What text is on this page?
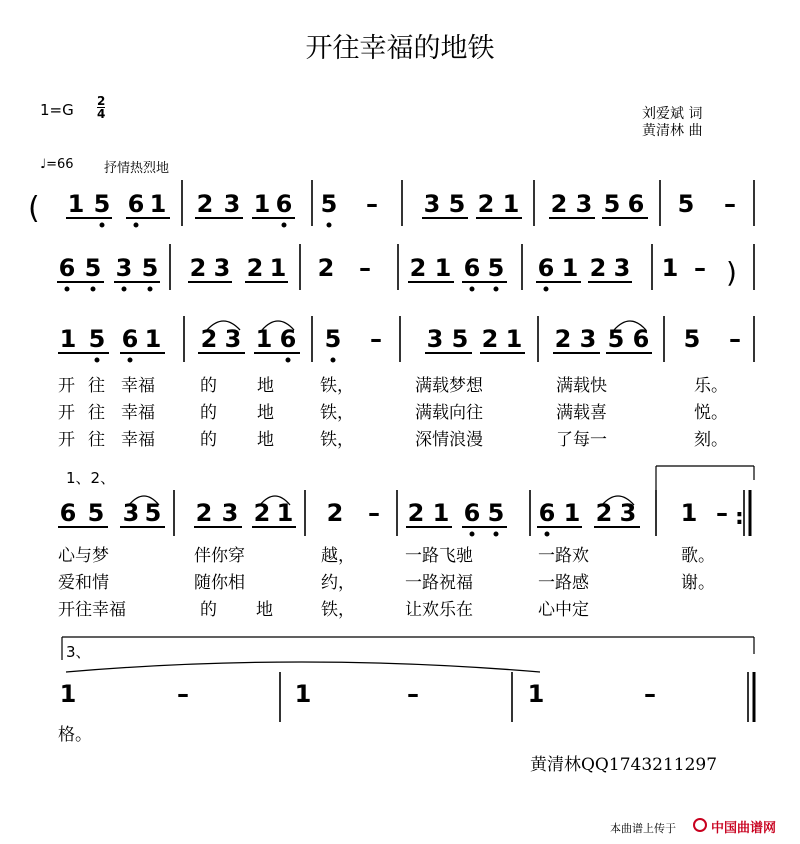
开往幸福的地铁
1=G 2
4	刘爱斌 词
黄清林 曲
♩=66 抒情热烈地
1 5 6 1 2 3 1 6 5 – 3 5 2 1 2 3 5 6 5 –
(
6 5 3 5 2 3 2 1 2 – 2 1 6 5 6 1 2 3 1 – )
1 5 6 1 2 3 1 6 5 – 3 5 2 1 2 3 5 6 5 –
6 5 3 5 2 3 2 1 2 – 2 1 6 5 6 1 2 3 1 – :
1	–	1	–	1	–
开 往 幸福	的 地	铁，	满载梦想	满载快	乐。
开 往 幸福	的 地	铁，	满载向往	满载喜	悦。
开 往 幸福	的 地	铁，	深情浪漫	了每一	刻。
心与梦	伴你穿	越，	一路飞驰	一路欢	歌。
爱和情	随你相	约，	一路祝福	一路感	谢。
开往幸福	的 地	铁，	让欢乐在	心中定
格。
1、2、
3、
黄清林QQ1743211297
本曲谱上传于	中国曲谱网
